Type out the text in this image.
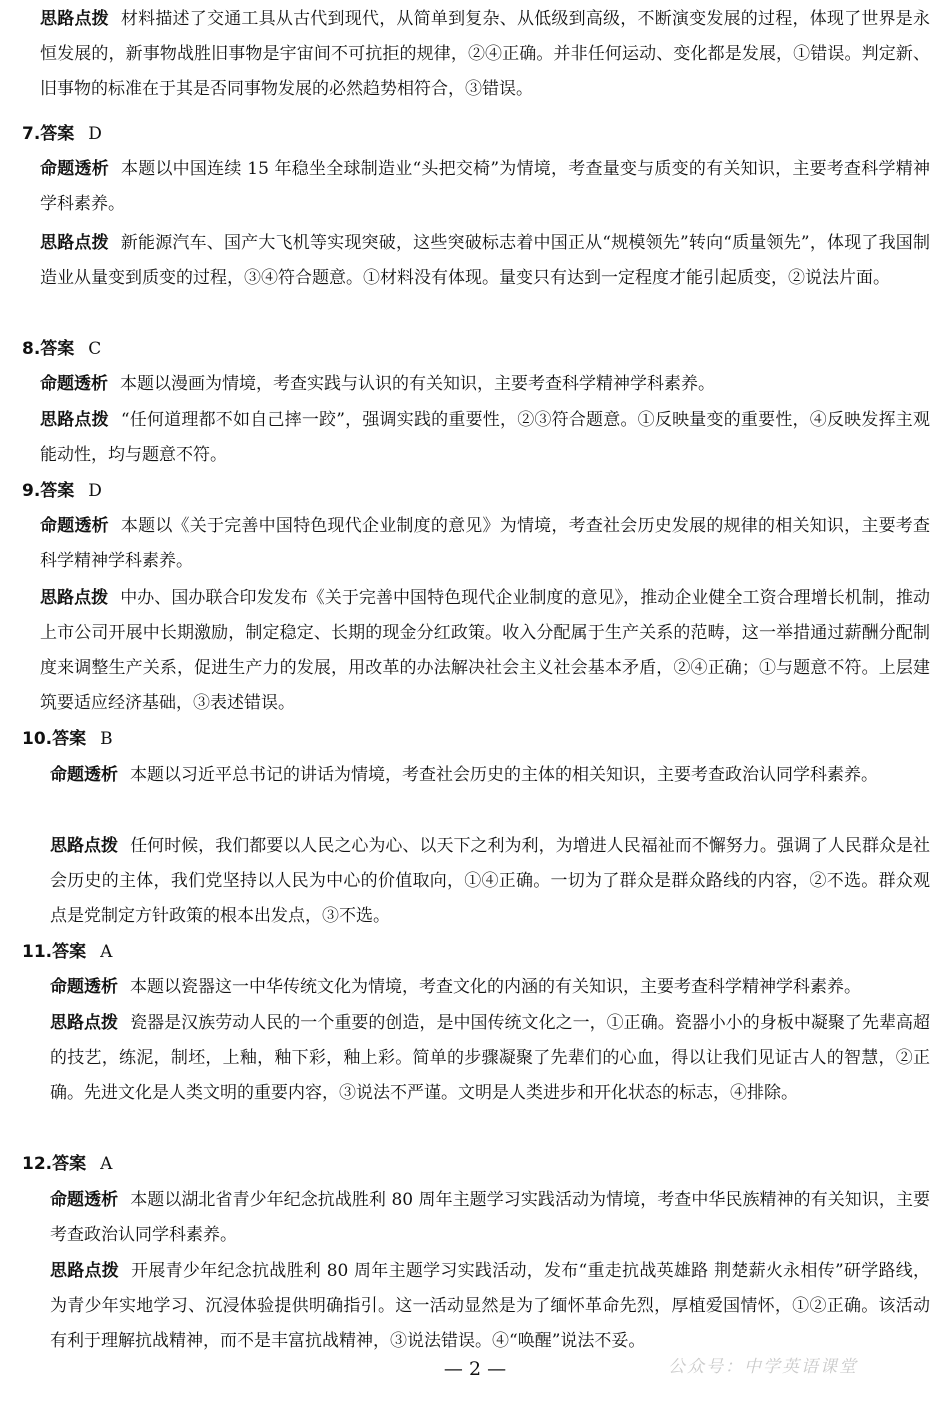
思路点拨 材料描述了交通工具从古代到现代，从简单到复杂、从低级到高级，不断演变发展的过程，体现了世界是永恒发展的，新事物战胜旧事物是宇宙间不可抗拒的规律，②④正确。并非任何运动、变化都是发展，①错误。判定新、旧事物的标准在于其是否同事物发展的必然趋势相符合，③错误。
7.答案 D
命题透析 本题以中国连续 15 年稳坐全球制造业“头把交椅”为情境，考查量变与质变的有关知识，主要考查科学精神学科素养。
思路点拨 新能源汽车、国产大飞机等实现突破，这些突破标志着中国正从“规模领先”转向“质量领先”，体现了我国制造业从量变到质变的过程，③④符合题意。①材料没有体现。量变只有达到一定程度才能引起质变，②说法片面。
8.答案 C
命题透析 本题以漫画为情境，考查实践与认识的有关知识，主要考查科学精神学科素养。
思路点拨 “任何道理都不如自己摔一跤”，强调实践的重要性，②③符合题意。①反映量变的重要性，④反映发挥主观能动性，均与题意不符。
9.答案 D
命题透析 本题以《关于完善中国特色现代企业制度的意见》为情境，考查社会历史发展的规律的相关知识，主要考查科学精神学科素养。
思路点拨 中办、国办联合印发发布《关于完善中国特色现代企业制度的意见》，推动企业健全工资合理增长机制，推动上市公司开展中长期激励，制定稳定、长期的现金分红政策。收入分配属于生产关系的范畴，这一举措通过薪酬分配制度来调整生产关系，促进生产力的发展，用改革的办法解决社会主义社会基本矛盾，②④正确；①与题意不符。上层建筑要适应经济基础，③表述错误。
10.答案 B
命题透析 本题以习近平总书记的讲话为情境，考查社会历史的主体的相关知识，主要考查政治认同学科素养。
思路点拨 任何时候，我们都要以人民之心为心、以天下之利为利，为增进人民福祉而不懈努力。强调了人民群众是社会历史的主体，我们党坚持以人民为中心的价值取向，①④正确。一切为了群众是群众路线的内容，②不选。群众观点是党制定方针政策的根本出发点，③不选。
11.答案 A
命题透析 本题以瓷器这一中华传统文化为情境，考查文化的内涵的有关知识，主要考查科学精神学科素养。
思路点拨 瓷器是汉族劳动人民的一个重要的创造，是中国传统文化之一，①正确。瓷器小小的身板中凝聚了先辈高超的技艺，练泥，制坯，上釉，釉下彩，釉上彩。简单的步骤凝聚了先辈们的心血，得以让我们见证古人的智慧，②正确。先进文化是人类文明的重要内容，③说法不严谨。文明是人类进步和开化状态的标志，④排除。
12.答案 A
命题透析 本题以湖北省青少年纪念抗战胜利 80 周年主题学习实践活动为情境，考查中华民族精神的有关知识，主要考查政治认同学科素养。
思路点拨 开展青少年纪念抗战胜利 80 周年主题学习实践活动，发布“重走抗战英雄路 荆楚薪火永相传”研学路线，为青少年实地学习、沉浸体验提供明确指引。这一活动显然是为了缅怀革命先烈，厚植爱国情怀，①②正确。该活动有利于理解抗战精神，而不是丰富抗战精神，③说法错误。④“唤醒”说法不妥。
— 2 —	公众号：中学英语课堂
